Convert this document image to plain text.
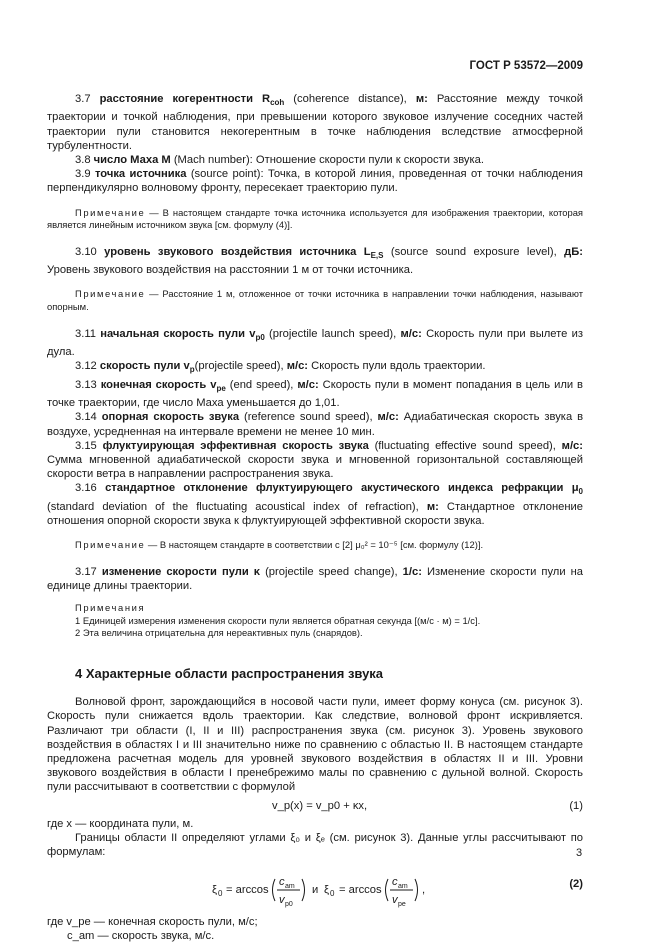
ГОСТ Р 53572—2009

3.7 расстояние когерентности $R_{coh}$ (coherence distance), м: Расстояние между точкой траектории и точкой наблюдения, при превышении которого звуковое излучение соседних частей траектории пули становится некогерентным в точке наблюдения вследствие атмосферной турбулентности.

3.8 число Маха M (Mach number): Отношение скорости пули к скорости звука.

3.9 точка источника (source point): Точка, в которой линия, проведенная от точки наблюдения перпендикулярно волновому фронту, пересекает траекторию пули.

Примечание — В настоящем стандарте точка источника используется для изображения траектории, которая является линейным источником звука [см. формулу (4)].

3.10 уровень звукового воздействия источника $L_{E,S}$ (source sound exposure level), дБ: Уровень звукового воздействия на расстоянии 1 м от точки источника.

Примечание — Расстояние 1 м, отложенное от точки источника в направлении точки наблюдения, называют опорным.

3.11 начальная скорость пули $v_{p0}$ (projectile launch speed), м/с: Скорость пули при вылете из дула.

3.12 скорость пули $v_p(projectile$ speed), м/с: Скорость пули вдоль траектории.

3.13 конечная скорость $v_{pe}$ (end speed), м/с: Скорость пули в момент попадания в цель или в точке траектории, где число Маха уменьшается до 1,01.

3.14 опорная скорость звука (reference sound speed), м/с: Адиабатическая скорость звука в воздухе, усредненная на интервале времени не менее 10 мин.

3.15 флуктуирующая эффективная скорость звука (fluctuating effective sound speed), м/с: Сумма мгновенной адиабатической скорости звука и мгновенной горизонтальной составляющей скорости ветра в направлении распространения звука.

3.16 стандартное отклонение флуктуирующего акустического индекса рефракции $\mu_0$ (standard deviation of the fluctuating acoustical index of refraction), м: Стандартное отклонение отношения опорной скорости звука к флуктуирующей эффективной скорости звука.

Примечание — В настоящем стандарте в соответствии с [2] μ₀² = 10⁻⁵ [см. формулу (12)].

3.17 изменение скорости пули κ (projectile speed change), 1/с: Изменение скорости пули на единице длины траектории.

Примечания
1 Единицей измерения изменения скорости пули является обратная секунда [(м/с · м) = 1/с].
2 Эта величина отрицательна для нереактивных пуль (снарядов).
4 Характерные области распространения звука

Волновой фронт, зарождающийся в носовой части пули, имеет форму конуса (см. рисунок 3). Скорость пули снижается вдоль траектории. Как следствие, волновой фронт искривляется. Различают три области (I, II и III) распространения звука (см. рисунок 3). Уровень звукового воздействия в областях I и III значительно ниже по сравнению с областью II. В настоящем стандарте предложена расчетная модель для уровней звукового воздействия в областях II и III. Уровни звукового воздействия в области I пренебрежимо малы по сравнению с дульной волной. Скорость пули рассчитывают в соответствии с формулой

v_p(x) = v_p0 + κx,	(1)

где x — координата пули, м.

Границы области II определяют углами ξ₀ и ξₑ (см. рисунок 3). Данные углы рассчитывают по формулам:

ξ 0 = arccos
c am
v p0
и ξ 0 = arccos
c am
v pe
,	(2)

где v_pe — конечная скорость пули, м/с;

c_am — скорость звука, м/с.

3
